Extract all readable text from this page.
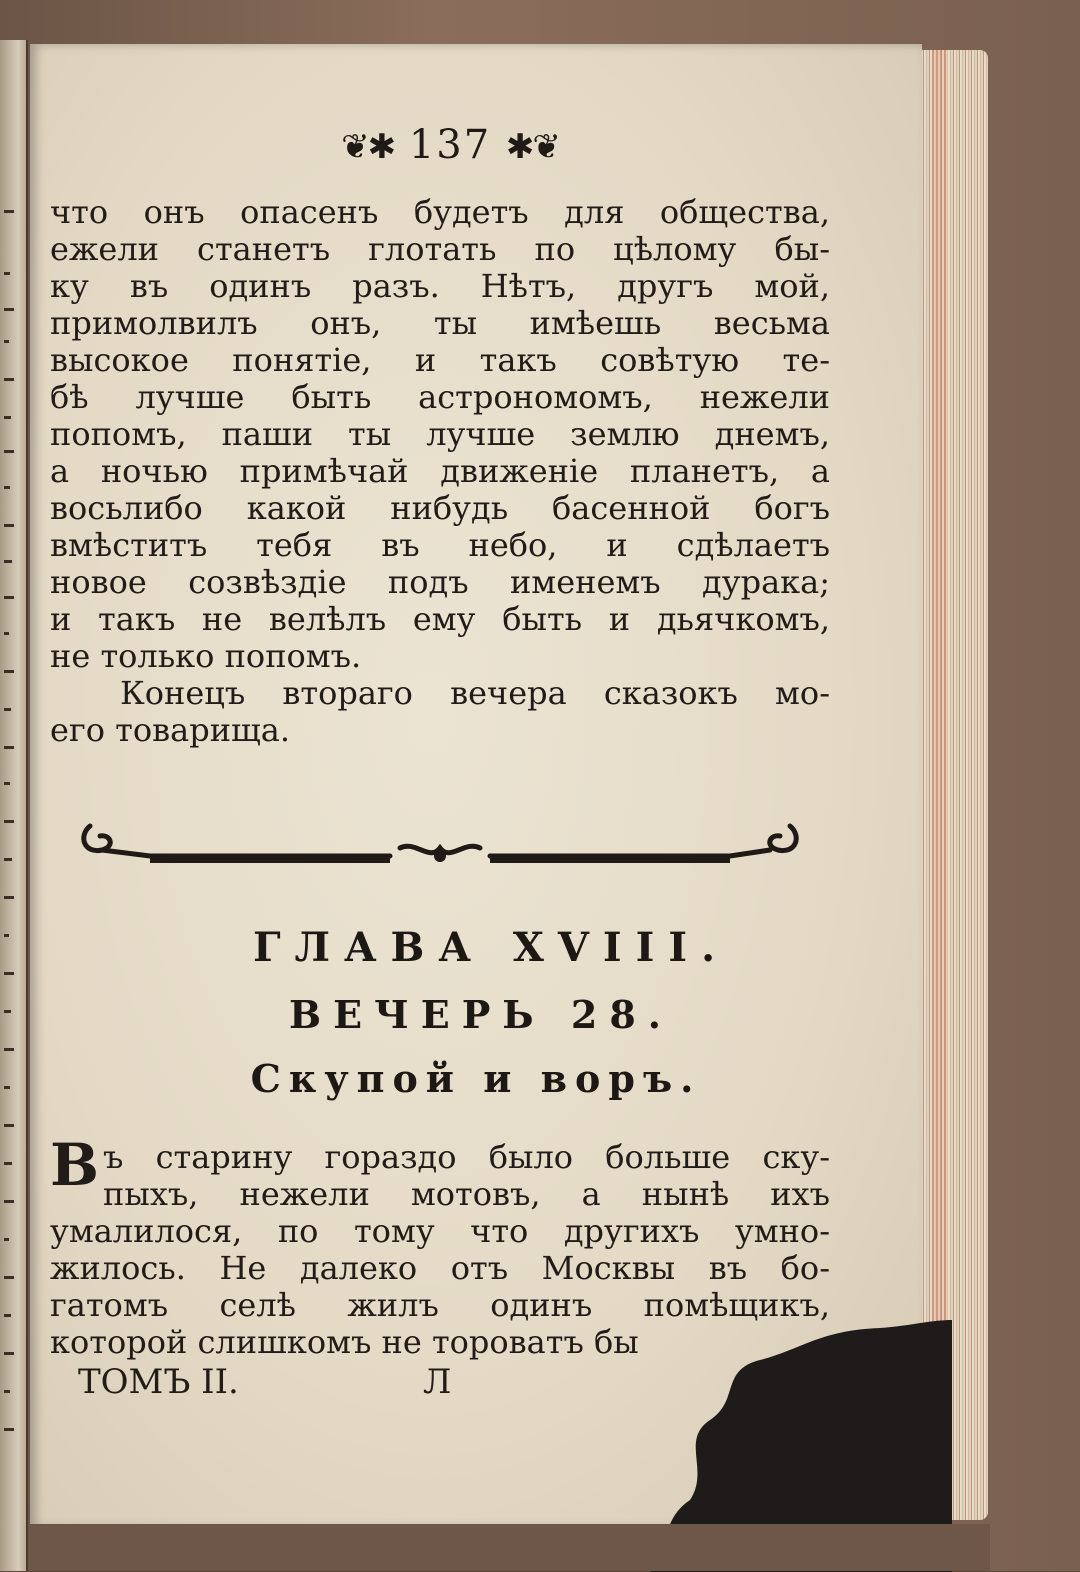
❦✱ 137 ✱❦
что онъ опасенъ будетъ для общества,
ежели станетъ глотать по цѣлому бы-
ку въ одинъ разъ. Нѣтъ, другъ мой,
примолвилъ онъ, ты имѣешь весьма
высокое понятіе, и такъ совѣтую те-
бѣ лучше быть астрономомъ, нежели
попомъ, паши ты лучше землю днемъ,
а ночью примѣчай движеніе планетъ, а
восьлибо какой нибудь басенной богъ
вмѣститъ тебя въ небо, и сдѣлаетъ
новое созвѣздіе подъ именемъ дурака;
и такъ не велѣлъ ему быть и дьячкомъ,
не только попомъ.
Конецъ втораго вечера сказокъ мо-
его товарища.
ГЛАВА XVIII.
ВЕЧЕРЬ 28.
Скупой и воръ.
В ъ старину гораздо было больше ску-
пыхъ, нежели мотовъ, а нынѣ ихъ
умалилося, по тому что другихъ умно-
жилось. Не далеко отъ Москвы въ бо-
гатомъ селѣ жилъ одинъ помѣщикъ,
которой слишкомъ не тороватъ бы
ТОМЪ II.	Л
